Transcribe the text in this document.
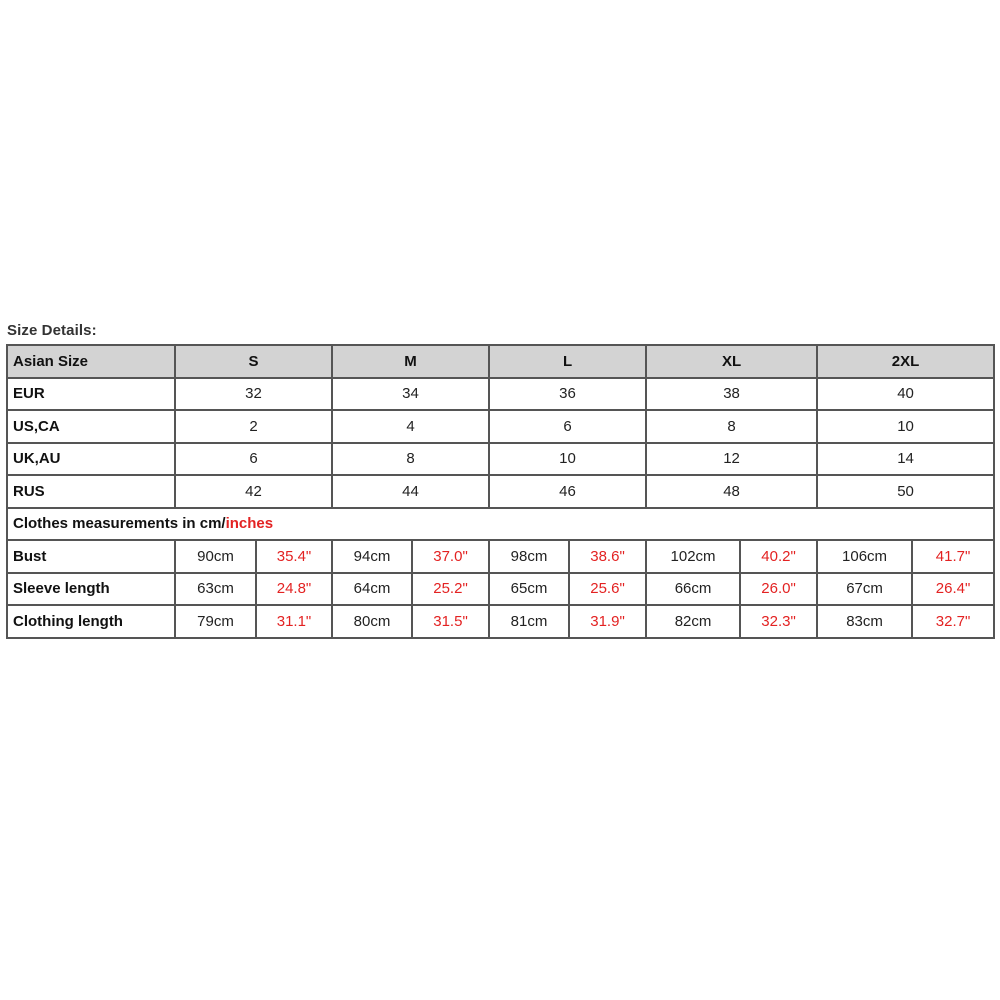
Size Details:
Asian Size	S		M		L		XL		2XL	
EUR	32		34		36		38		40	
US,CA	2		4		6		8		10	
UK,AU	6		8		10		12		14	
RUS	42		44		46		48		50	
Clothes measurements in cm/inches										
Bust	90cm	35.4"	94cm	37.0"	98cm	38.6"	102cm	40.2"	106cm	41.7"
Sleeve length	63cm	24.8"	64cm	25.2"	65cm	25.6"	66cm	26.0"	67cm	26.4"
Clothing length	79cm	31.1"	80cm	31.5"	81cm	31.9"	82cm	32.3"	83cm	32.7"
